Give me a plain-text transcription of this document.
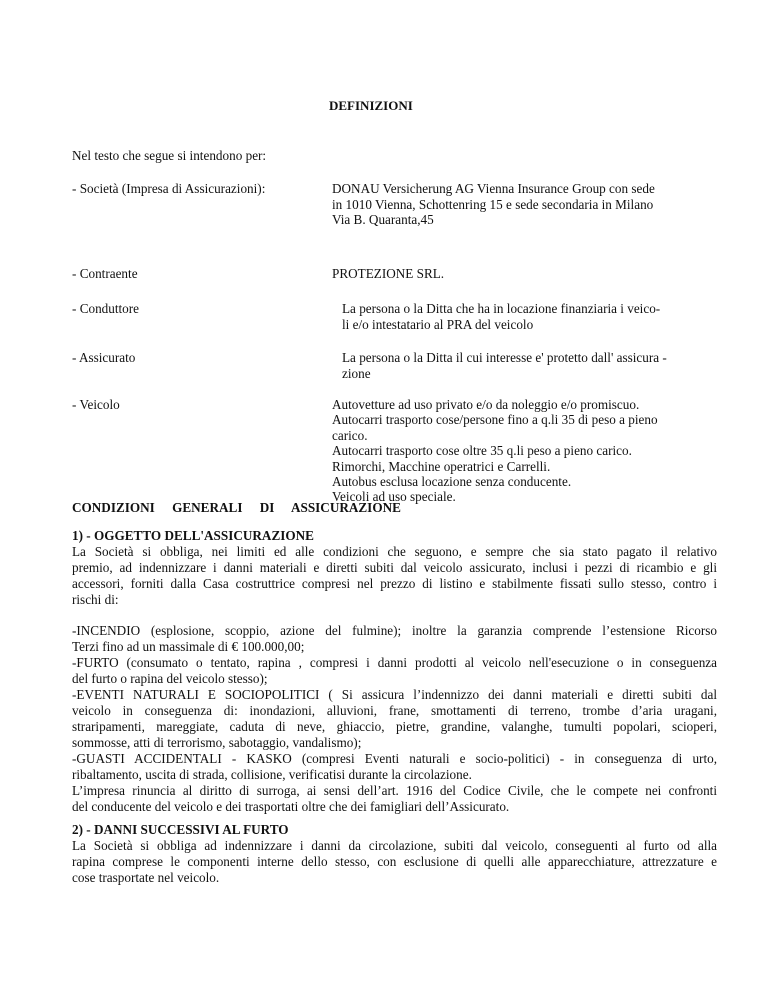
DEFINIZIONI
Nel testo che segue si intendono per:
- Società (Impresa di Assicurazioni):	DONAU Versicherung AG Vienna Insurance Group con sede
in 1010 Vienna, Schottenring 15 e sede secondaria in Milano
Via B. Quaranta,45
- Contraente	PROTEZIONE SRL.
- Conduttore	La persona o la Ditta che ha in locazione finanziaria i veico-
li e/o intestatario al PRA del veicolo
- Assicurato	La persona o la Ditta il cui interesse e' protetto dall' assicura -
zione
- Veicolo	Autovetture ad uso privato e/o da noleggio e/o promiscuo.
Autocarri trasporto cose/persone fino a q.li 35 di peso a pieno
carico.
Autocarri trasporto cose oltre 35 q.li peso a pieno carico.
Rimorchi, Macchine operatrici e Carrelli.
Autobus esclusa locazione senza conducente.
Veicoli ad uso speciale.
CONDIZIONI GENERALI DI ASSICURAZIONE
1) - OGGETTO DELL'ASSICURAZIONE

La Società si obbliga, nei limiti ed alle condizioni che seguono, e sempre che sia stato pagato il relativo
premio, ad indennizzare i danni materiali e diretti subiti dal veicolo assicurato, inclusi i pezzi di ricambio e gli
accessori, forniti dalla Casa costruttrice compresi nel prezzo di listino e stabilmente fissati sullo stesso, contro i
rischi di:

-INCENDIO (esplosione, scoppio, azione del fulmine); inoltre la garanzia comprende l’estensione Ricorso
Terzi fino ad un massimale di € 100.000,00;
-FURTO (consumato o tentato, rapina , compresi i danni prodotti al veicolo nell'esecuzione o in conseguenza
del furto o rapina del veicolo stesso);
-EVENTI NATURALI E SOCIOPOLITICI ( Si assicura l’indennizzo dei danni materiali e diretti subiti dal
veicolo in conseguenza di: inondazioni, alluvioni, frane, smottamenti di terreno, trombe d’aria uragani,
straripamenti, mareggiate, caduta di neve, ghiaccio, pietre, grandine, valanghe, tumulti popolari, scioperi,
sommosse, atti di terrorismo, sabotaggio, vandalismo);
-GUASTI ACCIDENTALI - KASKO (compresi Eventi naturali e socio-politici) - in conseguenza di urto,
ribaltamento, uscita di strada, collisione, verificatisi durante la circolazione.
L’impresa rinuncia al diritto di surroga, ai sensi dell’art. 1916 del Codice Civile, che le compete nei confronti
del conducente del veicolo e dei trasportati oltre che dei famigliari dell’Assicurato.

2) - DANNI SUCCESSIVI AL FURTO

La Società si obbliga ad indennizzare i danni da circolazione, subiti dal veicolo, conseguenti al furto od alla
rapina comprese le componenti interne dello stesso, con esclusione di quelli alle apparecchiature, attrezzature e
cose trasportate nel veicolo.
